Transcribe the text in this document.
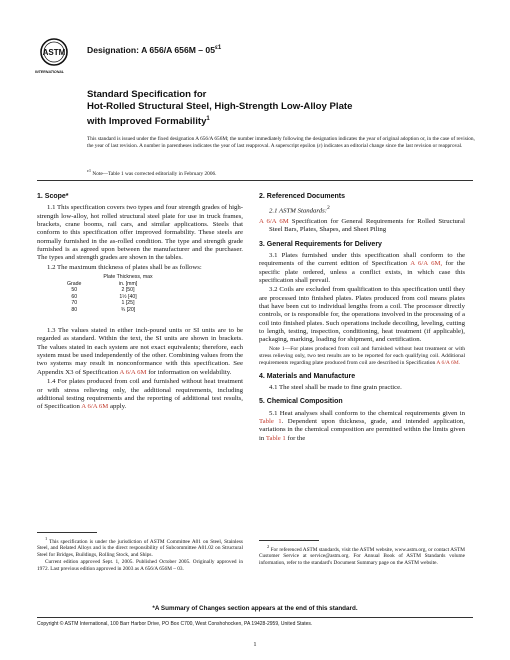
ASTM
INTERNATIONAL
Designation: A 656/A $656M - 05^{\varepsilon 1}$
Standard Specification for
Hot-Rolled Structural Steel, High-Strength Low-Alloy Plate
with Improved Formability$^1$
This standard is issued under the fixed designation A 656/A 656M; the number immediately following the designation indicates the year of original adoption or, in the case of revision, the year of last revision. A number in parentheses indicates the year of last reapproval. A superscript epsilon (ε) indicates an editorial change since the last revision or reapproval.
$^{\varepsilon 1}$ Note—Table 1 was corrected editorially in February 2006.
1. Scope*

1.1 This specification covers two types and four strength grades of high-strength low-alloy, hot rolled structural steel plate for use in truck frames, brackets, crane booms, rail cars, and similar applications. Steels that conform to this specification offer improved formability. These steels are normally furnished in the as-rolled condition. The type and strength grade furnished is as agreed upon between the manufacturer and the purchaser. The types and strength grades are shown in the tables.

1.2 The maximum thickness of plates shall be as follows:

Grade	Plate Thickness, max
in. [mm]

50	2 [50]
60	1½ [40]
70	1 [25]
80	¾ [20]

1.3 The values stated in either inch-pound units or SI units are to be regarded as standard. Within the text, the SI units are shown in brackets. The values stated in each system are not exact equivalents; therefore, each system must be used independently of the other. Combining values from the two systems may result in nonconformance with this specification. See Appendix X3 of Specification A 6/A 6M for information on weldability.

1.4 For plates produced from coil and furnished without heat treatment or with stress relieving only, the additional requirements, including additional testing requirements and the reporting of additional test results, of Specification A 6/A 6M apply.

$^1$ This specification is under the jurisdiction of ASTM Committee A01 on Steel, Stainless Steel, and Related Alloys and is the direct responsibility of Subcommittee A01.02 on Structural Steel for Bridges, Buildings, Rolling Stock, and Ships.

Current edition approved Sept. 1, 2005. Published October 2005. Originally approved in 1972. Last previous edition approved in 2003 as A 656/A 656M – 03.

2. Referenced Documents

2.1 ASTM Standards:$^2$

A 6/A 6M Specification for General Requirements for Rolled Structural Steel Bars, Plates, Shapes, and Sheet Piling
3. General Requirements for Delivery

3.1 Plates furnished under this specification shall conform to the requirements of the current edition of Specification A 6/A 6M, for the specific plate ordered, unless a conflict exists, in which case this specification shall prevail.

3.2 Coils are excluded from qualification to this specification until they are processed into finished plates. Plates produced from coil means plates that have been cut to individual lengths from a coil. The processor directly controls, or is responsible for, the operations involved in the processing of a coil into finished plates. Such operations include decoiling, leveling, cutting to length, testing, inspection, conditioning, heat treatment (if applicable), packaging, marking, loading for shipment, and certification.

Note 1—For plates produced from coil and furnished without heat treatment or with stress relieving only, two test results are to be reported for each qualifying coil. Additional requirements regarding plate produced from coil are described in Specification A 6/A 6M.

4. Materials and Manufacture

4.1 The steel shall be made to fine grain practice.

5. Chemical Composition

5.1 Heat analyses shall conform to the chemical requirements given in Table 1. Dependent upon thickness, grade, and intended application, variations in the chemical composition are permitted within the limits given in Table 1 for the

$^2$ For referenced ASTM standards, visit the ASTM website, www.astm.org, or contact ASTM Customer Service at service@astm.org. For Annual Book of ASTM Standards volume information, refer to the standard's Document Summary page on the ASTM website.

*A Summary of Changes section appears at the end of this standard.
Copyright © ASTM International, 100 Barr Harbor Drive, PO Box C700, West Conshohocken, PA 19428-2959, United States.
1
